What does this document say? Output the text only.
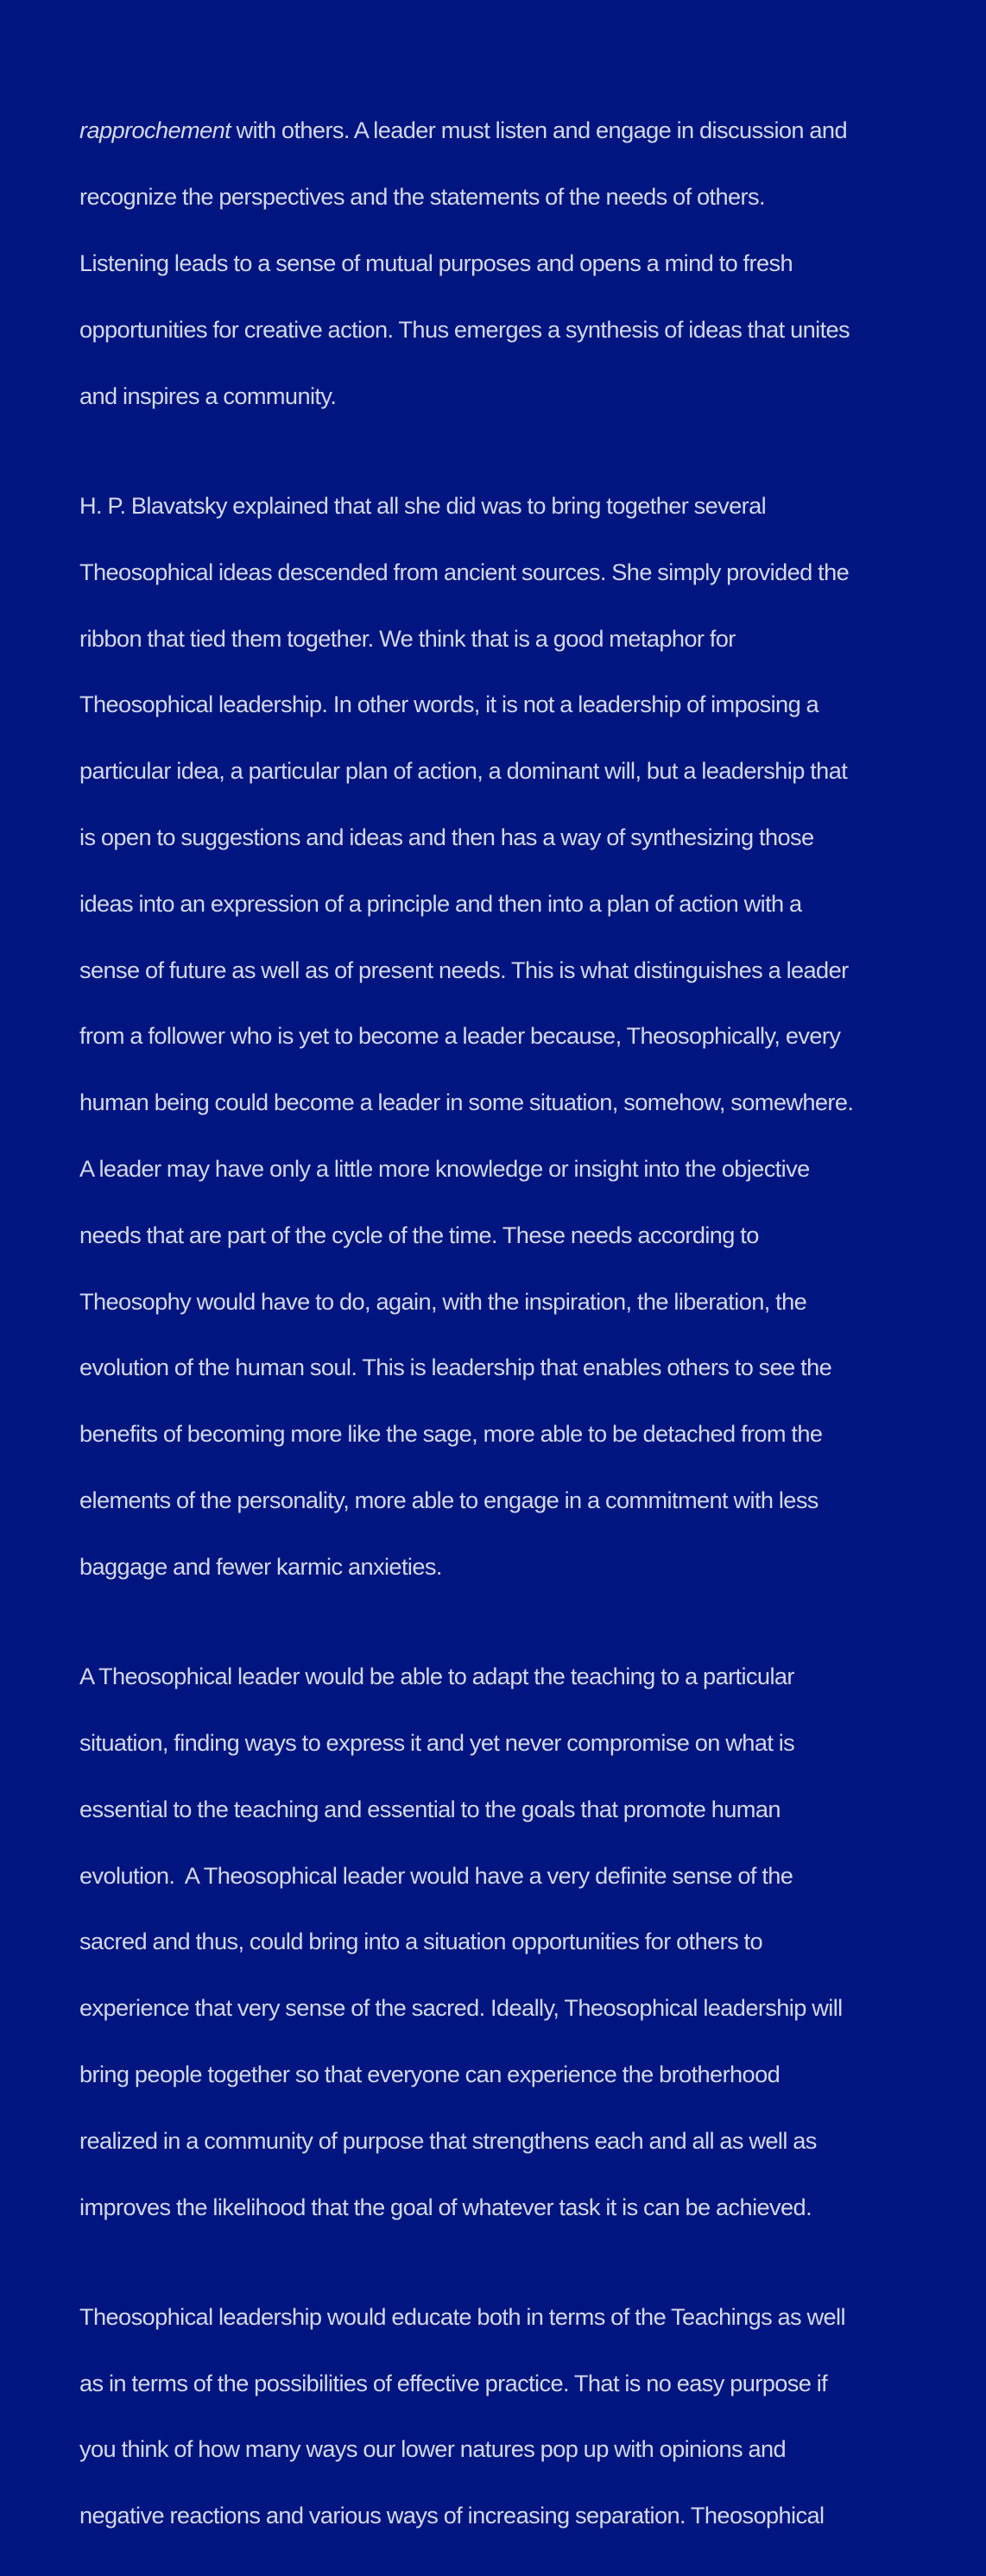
rapprochement with others. A leader must listen and engage in discussion and

recognize the perspectives and the statements of the needs of others.

Listening leads to a sense of mutual purposes and opens a mind to fresh

opportunities for creative action. Thus emerges a synthesis of ideas that unites

and inspires a community.

H. P. Blavatsky explained that all she did was to bring together several

Theosophical ideas descended from ancient sources. She simply provided the

ribbon that tied them together. We think that is a good metaphor for

Theosophical leadership. In other words, it is not a leadership of imposing a

particular idea, a particular plan of action, a dominant will, but a leadership that

is open to suggestions and ideas and then has a way of synthesizing those

ideas into an expression of a principle and then into a plan of action with a

sense of future as well as of present needs. This is what distinguishes a leader

from a follower who is yet to become a leader because, Theosophically, every

human being could become a leader in some situation, somehow, somewhere.

A leader may have only a little more knowledge or insight into the objective

needs that are part of the cycle of the time. These needs according to

Theosophy would have to do, again, with the inspiration, the liberation, the

evolution of the human soul. This is leadership that enables others to see the

benefits of becoming more like the sage, more able to be detached from the

elements of the personality, more able to engage in a commitment with less

baggage and fewer karmic anxieties.

A Theosophical leader would be able to adapt the teaching to a particular

situation, finding ways to express it and yet never compromise on what is

essential to the teaching and essential to the goals that promote human

evolution.  A Theosophical leader would have a very definite sense of the

sacred and thus, could bring into a situation opportunities for others to

experience that very sense of the sacred. Ideally, Theosophical leadership will

bring people together so that everyone can experience the brotherhood

realized in a community of purpose that strengthens each and all as well as

improves the likelihood that the goal of whatever task it is can be achieved.

Theosophical leadership would educate both in terms of the Teachings as well

as in terms of the possibilities of effective practice. That is no easy purpose if

you think of how many ways our lower natures pop up with opinions and

negative reactions and various ways of increasing separation. Theosophical
